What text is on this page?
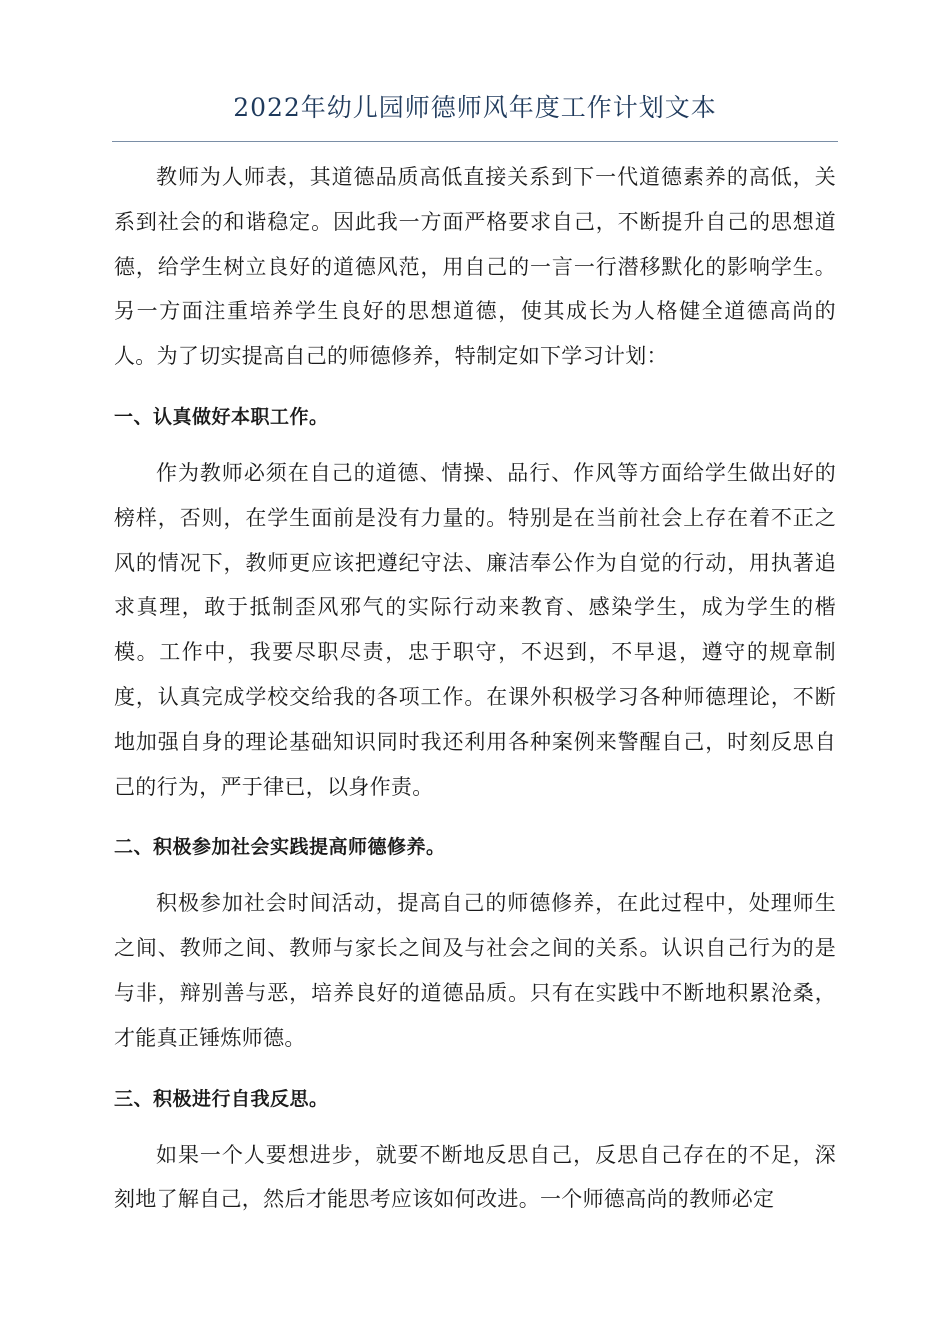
2022年幼儿园师德师风年度工作计划文本

教师为人师表，其道德品质高低直接关系到下一代道德素养的高低，关系到社会的和谐稳定。因此我一方面严格要求自己，不断提升自己的思想道德，给学生树立良好的道德风范，用自己的一言一行潜移默化的影响学生。另一方面注重培养学生良好的思想道德，使其成长为人格健全道德高尚的人。为了切实提高自己的师德修养，特制定如下学习计划：

一、认真做好本职工作。

作为教师必须在自己的道德、情操、品行、作风等方面给学生做出好的榜样，否则，在学生面前是没有力量的。特别是在当前社会上存在着不正之风的情况下，教师更应该把遵纪守法、廉洁奉公作为自觉的行动，用执著追求真理，敢于抵制歪风邪气的实际行动来教育、感染学生，成为学生的楷模。工作中，我要尽职尽责，忠于职守，不迟到，不早退，遵守的规章制度，认真完成学校交给我的各项工作。在课外积极学习各种师德理论，不断地加强自身的理论基础知识同时我还利用各种案例来警醒自己，时刻反思自己的行为，严于律已，以身作责。

二、积极参加社会实践提高师德修养。

积极参加社会时间活动，提高自己的师德修养，在此过程中，处理师生之间、教师之间、教师与家长之间及与社会之间的关系。认识自己行为的是与非，辩别善与恶，培养良好的道德品质。只有在实践中不断地积累沧桑，才能真正锤炼师德。

三、积极进行自我反思。

如果一个人要想进步，就要不断地反思自己，反思自己存在的不足，深刻地了解自己，然后才能思考应该如何改进。一个师德高尚的教师必定
